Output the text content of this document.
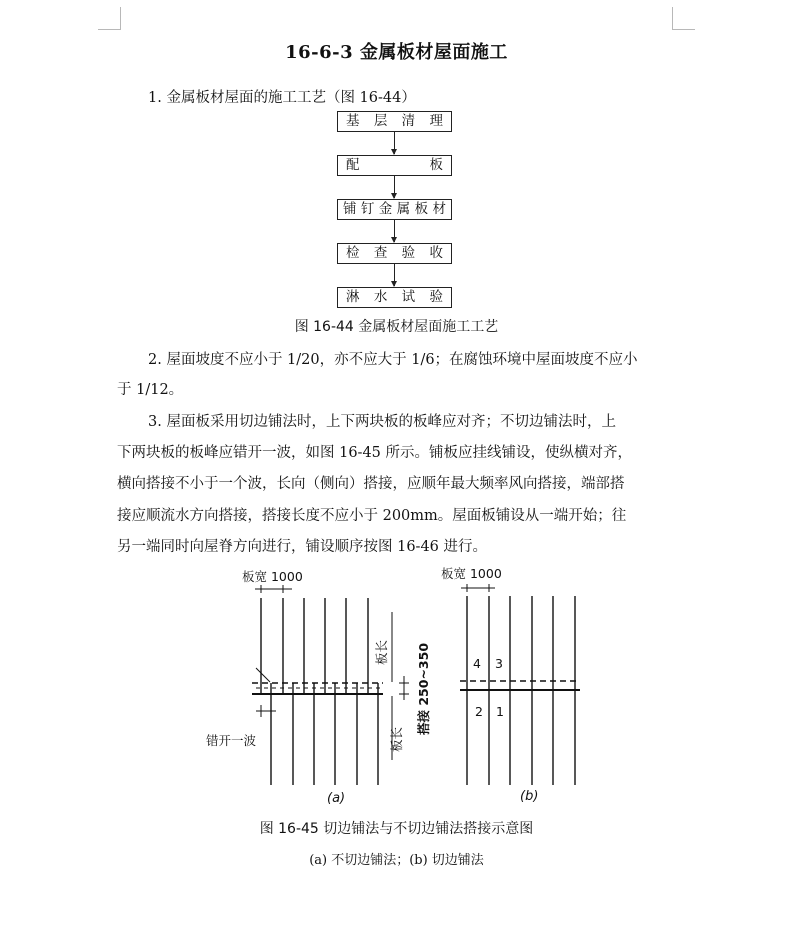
16-6-3 金属板材屋面施工
1. 金属板材屋面的施工工艺（图 16-44）
基 层 清 理
配	板
铺 钉 金 属 板 材
检 查 验 收
淋 水 试 验
图 16-44 金属板材屋面施工工艺
2. 屋面坡度不应小于 1/20，亦不应大于 1/6；在腐蚀环境中屋面坡度不应小
于 1/12。
3. 屋面板采用切边铺法时，上下两块板的板峰应对齐；不切边铺法时，上
下两块板的板峰应错开一波，如图 16-45 所示。铺板应挂线铺设，使纵横对齐，
横向搭接不小于一个波，长向（侧向）搭接，应顺年最大频率风向搭接，端部搭
接应顺流水方向搭接，搭接长度不应小于 200mm。屋面板铺设从一端开始；往
另一端同时向屋脊方向进行，铺设顺序按图 16-46 进行。
板宽 1000	板宽 1000
错开一波
板长
板长
搭接 250~350	4 3
2 1
(a)	(b)
图 16-45 切边铺法与不切边铺法搭接示意图
(a) 不切边铺法；(b) 切边铺法
